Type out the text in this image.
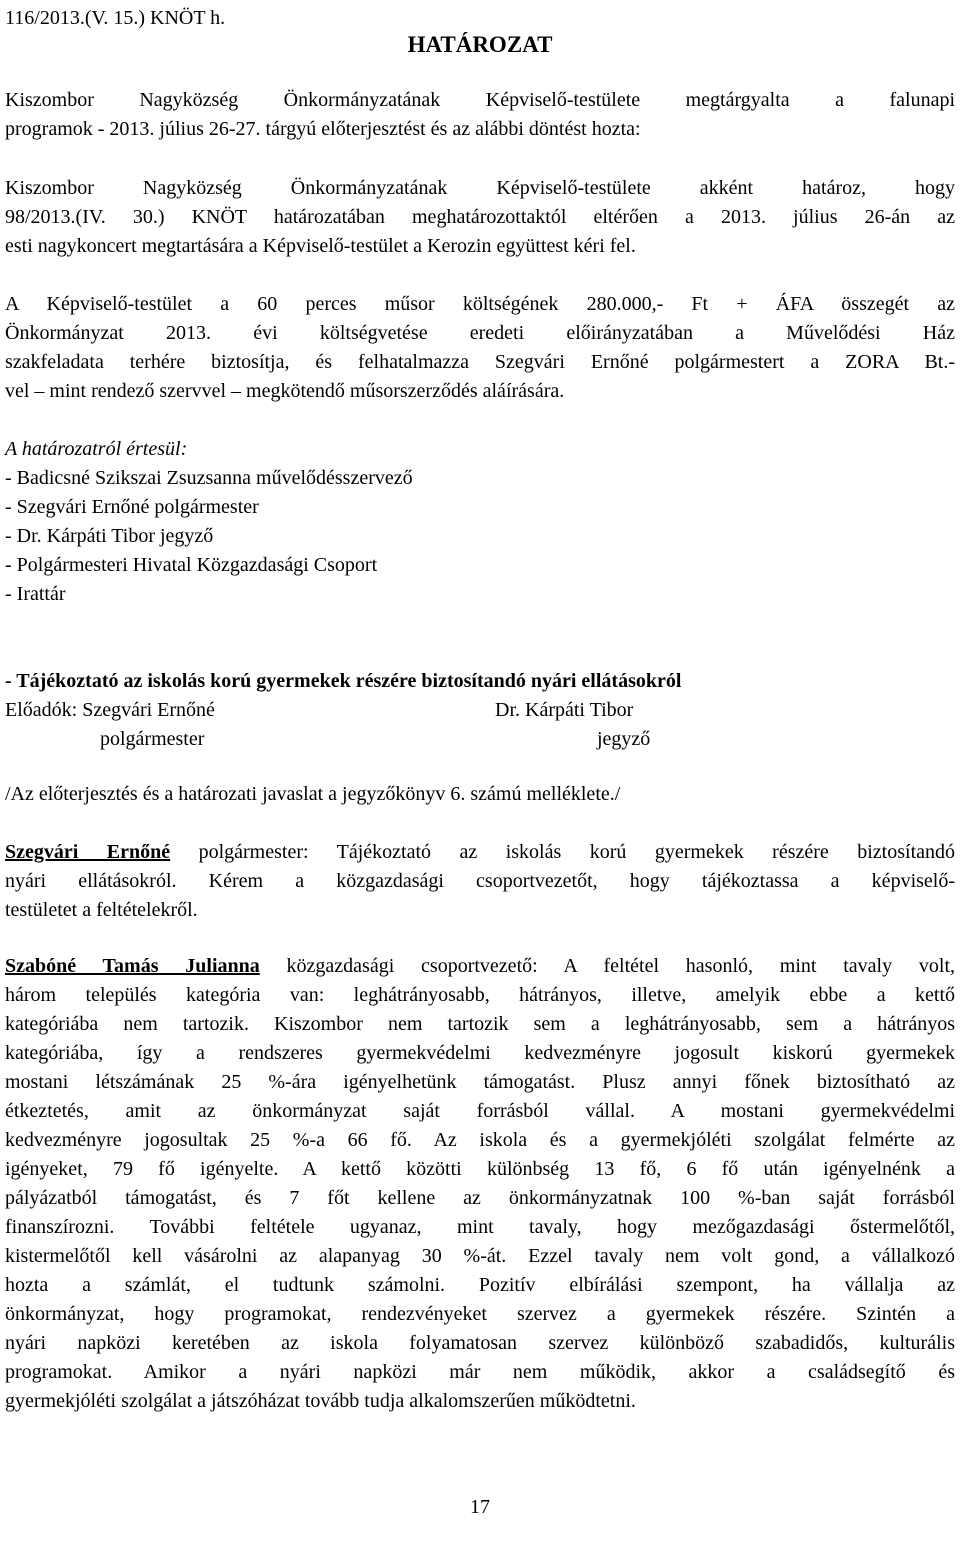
116/2013.(V. 15.) KNÖT h.
HATÁROZAT
Kiszombor Nagyközség Önkormányzatának Képviselő-testülete megtárgyalta a falunapi
programok - 2013. július 26-27. tárgyú előterjesztést és az alábbi döntést hozta:
Kiszombor Nagyközség Önkormányzatának Képviselő-testülete akként határoz, hogy
98/2013.(IV. 30.) KNÖT határozatában meghatározottaktól eltérően a 2013. július 26-án az
esti nagykoncert megtartására a Képviselő-testület a Kerozin együttest kéri fel.
A Képviselő-testület a 60 perces műsor költségének 280.000,- Ft + ÁFA összegét az
Önkormányzat 2013. évi költségvetése eredeti előirányzatában a Művelődési Ház
szakfeladata terhére biztosítja, és felhatalmazza Szegvári Ernőné polgármestert a ZORA Bt.-
vel – mint rendező szervvel – megkötendő műsorszerződés aláírására.
A határozatról értesül:
- Badicsné Szikszai Zsuzsanna művelődésszervező
- Szegvári Ernőné polgármester
- Dr. Kárpáti Tibor jegyző
- Polgármesteri Hivatal Közgazdasági Csoport
- Irattár
- Tájékoztató az iskolás korú gyermekek részére biztosítandó nyári ellátásokról
Előadók: Szegvári Ernőné	Dr. Kárpáti Tibor
polgármester	jegyző
/Az előterjesztés és a határozati javaslat a jegyzőkönyv 6. számú melléklete./
Szegvári Ernőné polgármester: Tájékoztató az iskolás korú gyermekek részére biztosítandó
nyári ellátásokról. Kérem a közgazdasági csoportvezetőt, hogy tájékoztassa a képviselő-
testületet a feltételekről.
Szabóné Tamás Julianna közgazdasági csoportvezető: A feltétel hasonló, mint tavaly volt,
három település kategória van: leghátrányosabb, hátrányos, illetve, amelyik ebbe a kettő
kategóriába nem tartozik. Kiszombor nem tartozik sem a leghátrányosabb, sem a hátrányos
kategóriába, így a rendszeres gyermekvédelmi kedvezményre jogosult kiskorú gyermekek
mostani létszámának 25 %-ára igényelhetünk támogatást. Plusz annyi főnek biztosítható az
étkeztetés, amit az önkormányzat saját forrásból vállal. A mostani gyermekvédelmi
kedvezményre jogosultak 25 %-a 66 fő. Az iskola és a gyermekjóléti szolgálat felmérte az
igényeket, 79 fő igényelte. A kettő közötti különbség 13 fő, 6 fő után igényelnénk a
pályázatból támogatást, és 7 főt kellene az önkormányzatnak 100 %-ban saját forrásból
finanszírozni. További feltétele ugyanaz, mint tavaly, hogy mezőgazdasági őstermelőtől,
kistermelőtől kell vásárolni az alapanyag 30 %-át. Ezzel tavaly nem volt gond, a vállalkozó
hozta a számlát, el tudtunk számolni. Pozitív elbírálási szempont, ha vállalja az
önkormányzat, hogy programokat, rendezvényeket szervez a gyermekek részére. Szintén a
nyári napközi keretében az iskola folyamatosan szervez különböző szabadidős, kulturális
programokat. Amikor a nyári napközi már nem működik, akkor a családsegítő és
gyermekjóléti szolgálat a játszóházat tovább tudja alkalomszerűen működtetni.
17
